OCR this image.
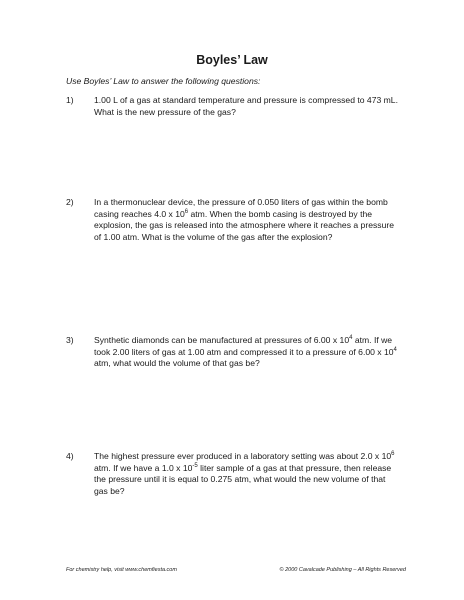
Boyles’ Law
Use Boyles’ Law to answer the following questions:
1) 1.00 L of a gas at standard temperature and pressure is compressed to 473 mL. What is the new pressure of the gas?
2) In a thermonuclear device, the pressure of 0.050 liters of gas within the bomb casing reaches 4.0 x $10^6$ atm. When the bomb casing is destroyed by the explosion, the gas is released into the atmosphere where it reaches a pressure of 1.00 atm. What is the volume of the gas after the explosion?
3) Synthetic diamonds can be manufactured at pressures of 6.00 x $10^4$ atm. If we took 2.00 liters of gas at 1.00 atm and compressed it to a pressure of 6.00 x $10^4$ atm, what would the volume of that gas be?
4) The highest pressure ever produced in a laboratory setting was about 2.0 x $10^6$ atm. If we have a 1.0 x $10^{-5}$ liter sample of a gas at that pressure, then release the pressure until it is equal to 0.275 atm, what would the new volume of that gas be?
For chemistry help, visit www.chemfiesta.com	© 2000 Cavalcade Publishing – All Rights Reserved
